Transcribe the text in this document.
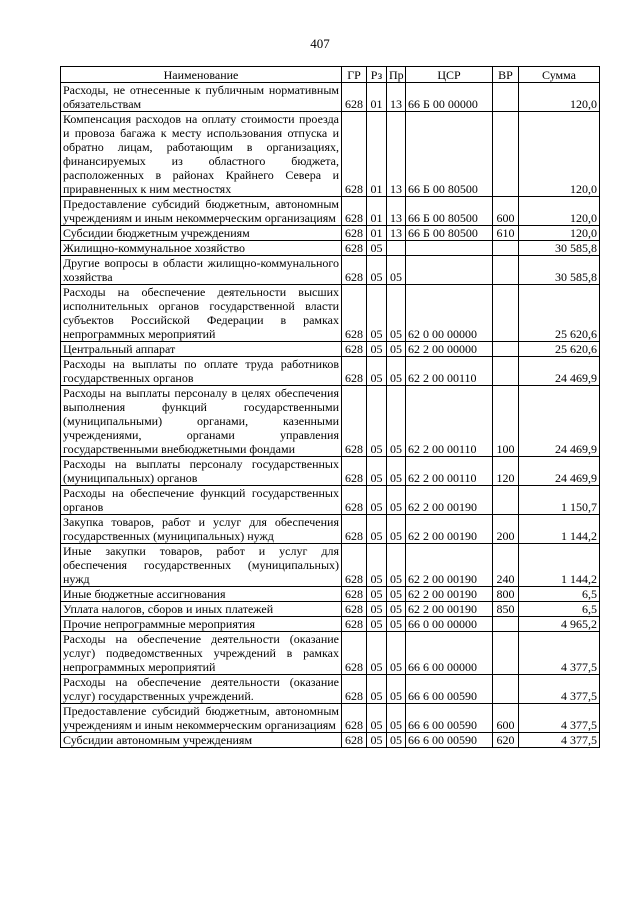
407
Наименование	ГР	Рз	Пр	ЦСР	ВР	Сумма
Расходы, не отнесенные к публичным нормативным обязательствам	628	01	13	66 Б 00 00000		120,0
Компенсация расходов на оплату стоимости проезда и провоза багажа к месту использования отпуска и обратно лицам, работающим в организациях, финансируемых из областного бюджета, расположенных в районах Крайнего Севера и приравненных к ним местностях	628	01	13	66 Б 00 80500		120,0
Предоставление субсидий бюджетным, автономным учреждениям и иным некоммерческим организациям	628	01	13	66 Б 00 80500	600	120,0
Субсидии бюджетным учреждениям	628	01	13	66 Б 00 80500	610	120,0
Жилищно-коммунальное хозяйство	628	05				30 585,8
Другие вопросы в области жилищно-коммунального хозяйства	628	05	05			30 585,8
Расходы на обеспечение деятельности высших исполнительных органов государственной власти субъектов Российской Федерации в рамках непрограммных мероприятий	628	05	05	62 0 00 00000		25 620,6
Центральный аппарат	628	05	05	62 2 00 00000		25 620,6
Расходы на выплаты по оплате труда работников государственных органов	628	05	05	62 2 00 00110		24 469,9
Расходы на выплаты персоналу в целях обеспечения выполнения функций государственными (муниципальными) органами, казенными учреждениями, органами управления государственными внебюджетными фондами	628	05	05	62 2 00 00110	100	24 469,9
Расходы на выплаты персоналу государственных (муниципальных) органов	628	05	05	62 2 00 00110	120	24 469,9
Расходы на обеспечение функций государственных органов	628	05	05	62 2 00 00190		1 150,7
Закупка товаров, работ и услуг для обеспечения государственных (муниципальных) нужд	628	05	05	62 2 00 00190	200	1 144,2
Иные закупки товаров, работ и услуг для обеспечения государственных (муниципальных) нужд	628	05	05	62 2 00 00190	240	1 144,2
Иные бюджетные ассигнования	628	05	05	62 2 00 00190	800	6,5
Уплата налогов, сборов и иных платежей	628	05	05	62 2 00 00190	850	6,5
Прочие непрограммные мероприятия	628	05	05	66 0 00 00000		4 965,2
Расходы на обеспечение деятельности (оказание услуг) подведомственных учреждений в рамках непрограммных мероприятий	628	05	05	66 6 00 00000		4 377,5
Расходы на обеспечение деятельности (оказание услуг) государственных учреждений.	628	05	05	66 6 00 00590		4 377,5
Предоставление субсидий бюджетным, автономным учреждениям и иным некоммерческим организациям	628	05	05	66 6 00 00590	600	4 377,5
Субсидии автономным учреждениям	628	05	05	66 6 00 00590	620	4 377,5
